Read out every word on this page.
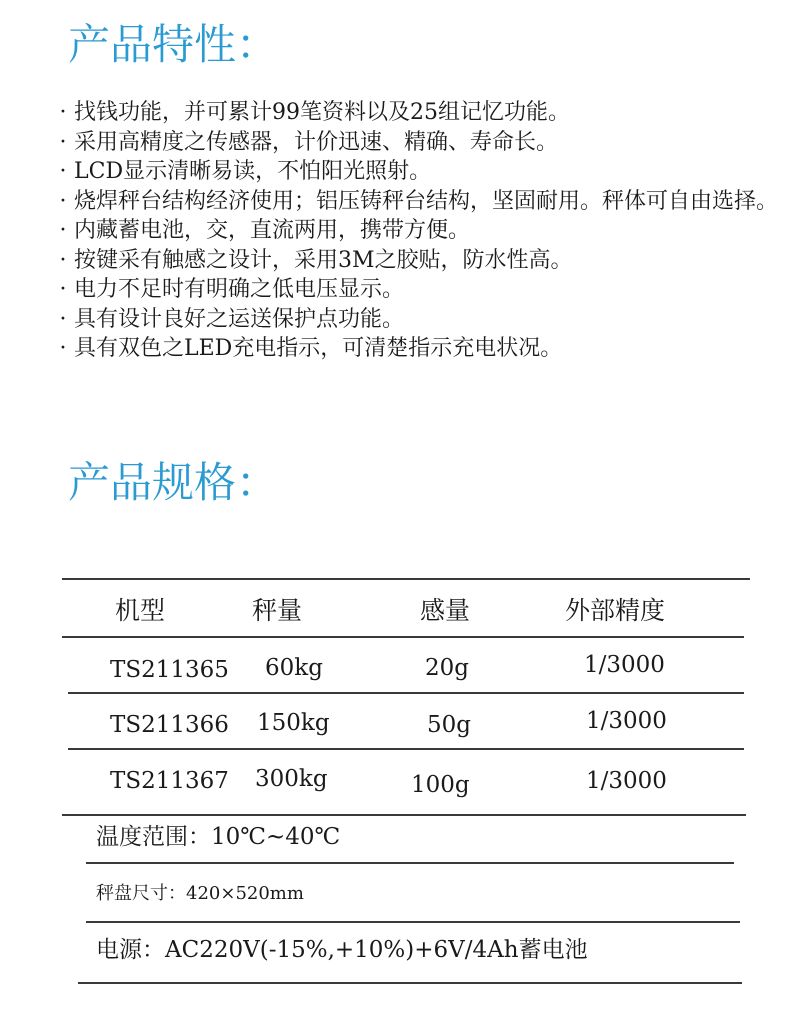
产品特性：
· 找钱功能，并可累计99笔资料以及25组记忆功能。
· 采用高精度之传感器，计价迅速、精确、寿命长。
· LCD显示清晰易读，不怕阳光照射。
· 烧焊秤台结构经济使用；铝压铸秤台结构，坚固耐用。秤体可自由选择。
· 内藏蓄电池，交，直流两用，携带方便。
· 按键采有触感之设计，采用3M之胶贴，防水性高。
· 电力不足时有明确之低电压显示。
· 具有设计良好之运送保护点功能。
· 具有双色之LED充电指示，可清楚指示充电状况。
产品规格：
机型	秤量	感量	外部精度
TS211365 60kg	20g	1/3000
TS211366 150kg	50g	1/3000
TS211367 300kg	100g	1/3000
温度范围：10℃~40℃
秤盘尺寸：420×520mm
电源：AC220V(-15%,+10%)+6V/4Ah蓄电池
